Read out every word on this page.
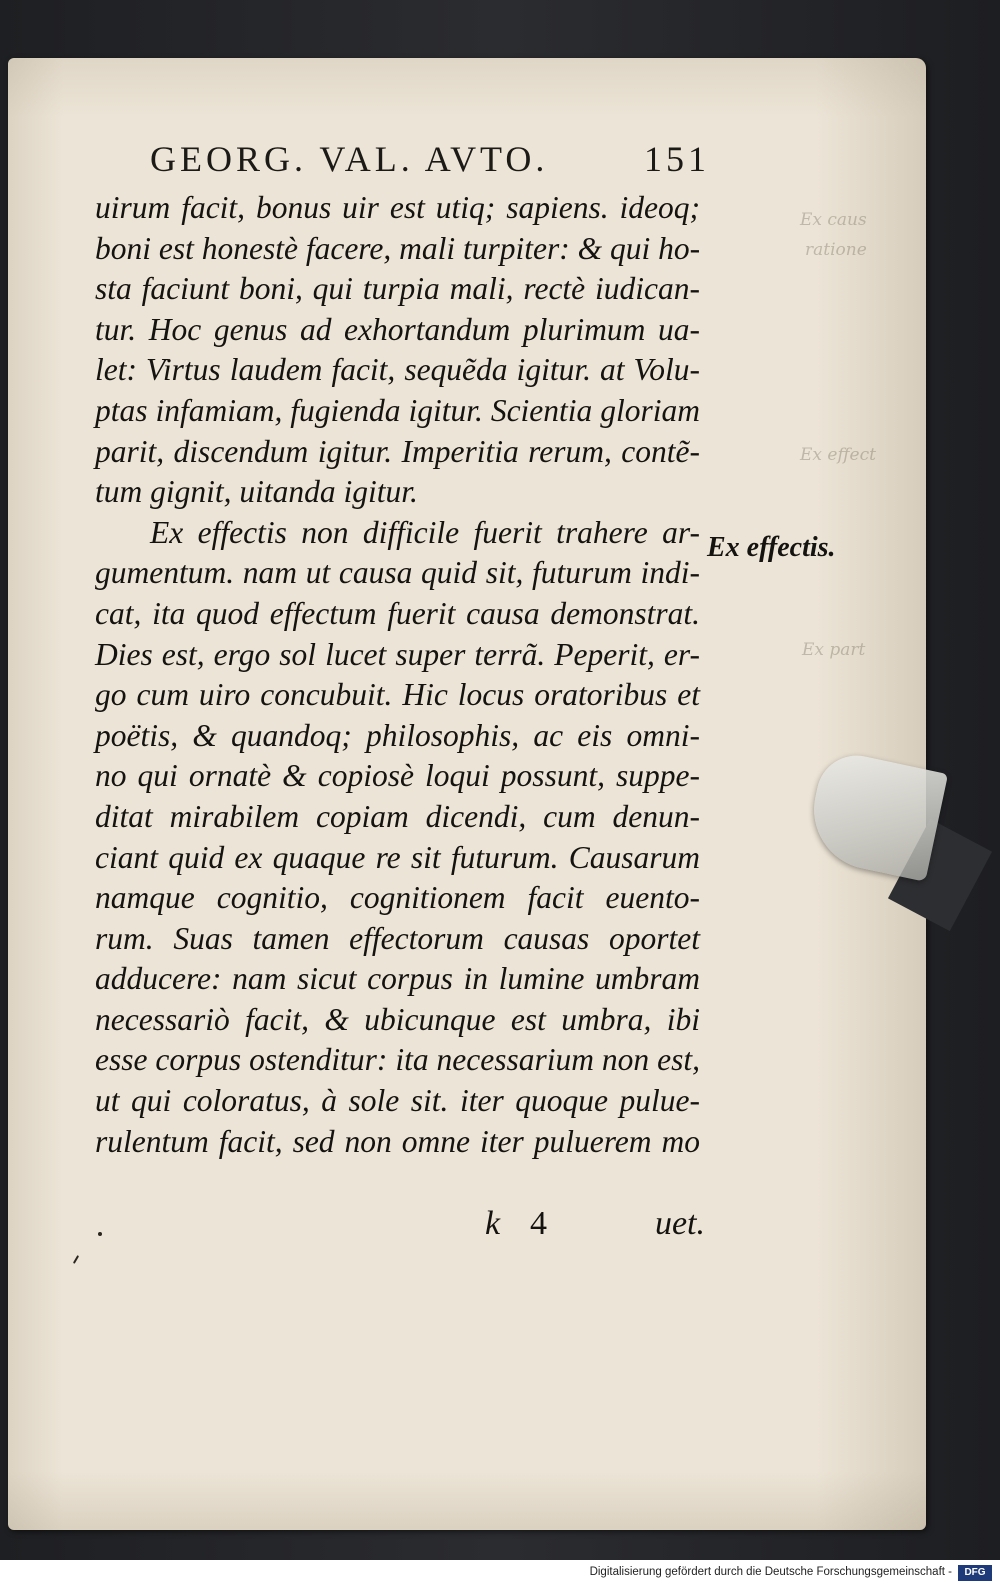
Ex caus
ratione
Ex effect
Ex part
GEORG. VAL. AVTO.	151
uirum facit, bonus uir est utiq; sapiens. ideoq;
boni est honestè facere, mali turpiter: & qui ho-
sta faciunt boni, qui turpia mali, rectè iudican-
tur. Hoc genus ad exhortandum plurimum ua-
let: Virtus laudem facit, sequẽda igitur. at Volu-
ptas infamiam, fugienda igitur. Scientia gloriam
parit, discendum igitur. Imperitia rerum, contẽ-
tum gignit, uitanda igitur.
Ex effectis non difficile fuerit trahere ar-
gumentum. nam ut causa quid sit, futurum indi-
cat, ita quod effectum fuerit causa demonstrat.
Dies est, ergo sol lucet super terrã. Peperit, er-
go cum uiro concubuit. Hic locus oratoribus et
poëtis, & quandoq; philosophis, ac eis omni-
no qui ornatè & copiosè loqui possunt, suppe-
ditat mirabilem copiam dicendi, cum denun-
ciant quid ex quaque re sit futurum. Causarum
namque cognitio, cognitionem facit euento-
rum. Suas tamen effectorum causas oportet
adducere: nam sicut corpus in lumine umbram
necessariò facit, & ubicunque est umbra, ibi
esse corpus ostenditur: ita necessarium non est,
ut qui coloratus, à sole sit. iter quoque pulue-
rulentum facit, sed non omne iter puluerem mo
Ex effectis.
k 4	uet.
Digitalisierung gefördert durch die Deutsche Forschungsgemeinschaft -	DFG
